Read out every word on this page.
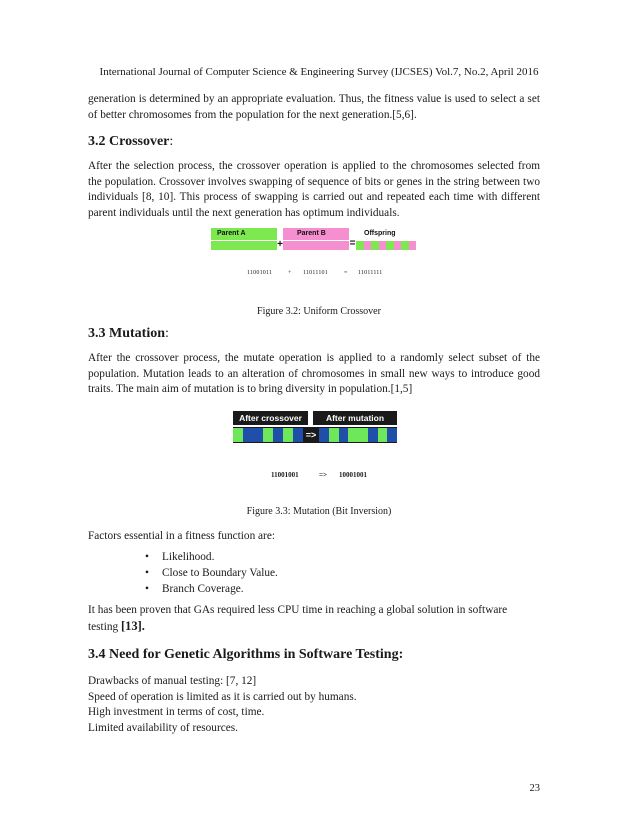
International Journal of Computer Science & Engineering Survey (IJCSES) Vol.7, No.2, April 2016

generation is determined by an appropriate evaluation. Thus, the fitness value is used to select a set of better chromosomes from the population for the next generation.[5,6].

3.2 Crossover:

After the selection process, the crossover operation is applied to the chromosomes selected from the population. Crossover involves swapping of sequence of bits or genes in the string between two individuals [8, 10]. This process of swapping is carried out and repeated each time with different parent individuals until the next generation has optimum individuals.

Parent A	Parent B	Offspring
+	=
11001011	+ 11011101	= 11011111
Figure 3.2: Uniform Crossover
3.3 Mutation:

After the crossover process, the mutate operation is applied to a randomly select subset of the population. Mutation leads to an alteration of chromosomes in small new ways to introduce good traits. The main aim of mutation is to bring diversity in population.[1,5]

After crossover	After mutation
=>
11001001	=> 10001001
Figure 3.3: Mutation (Bit Inversion)

Factors essential in a fitness function are:

• Likelihood.
• Close to Boundary Value.
• Branch Coverage.

It has been proven that GAs required less CPU time in reaching a global solution in software testing [13].

3.4 Need for Genetic Algorithms in Software Testing:
Drawbacks of manual testing: [7, 12]
Speed of operation is limited as it is carried out by humans.
High investment in terms of cost, time.
Limited availability of resources.
23
